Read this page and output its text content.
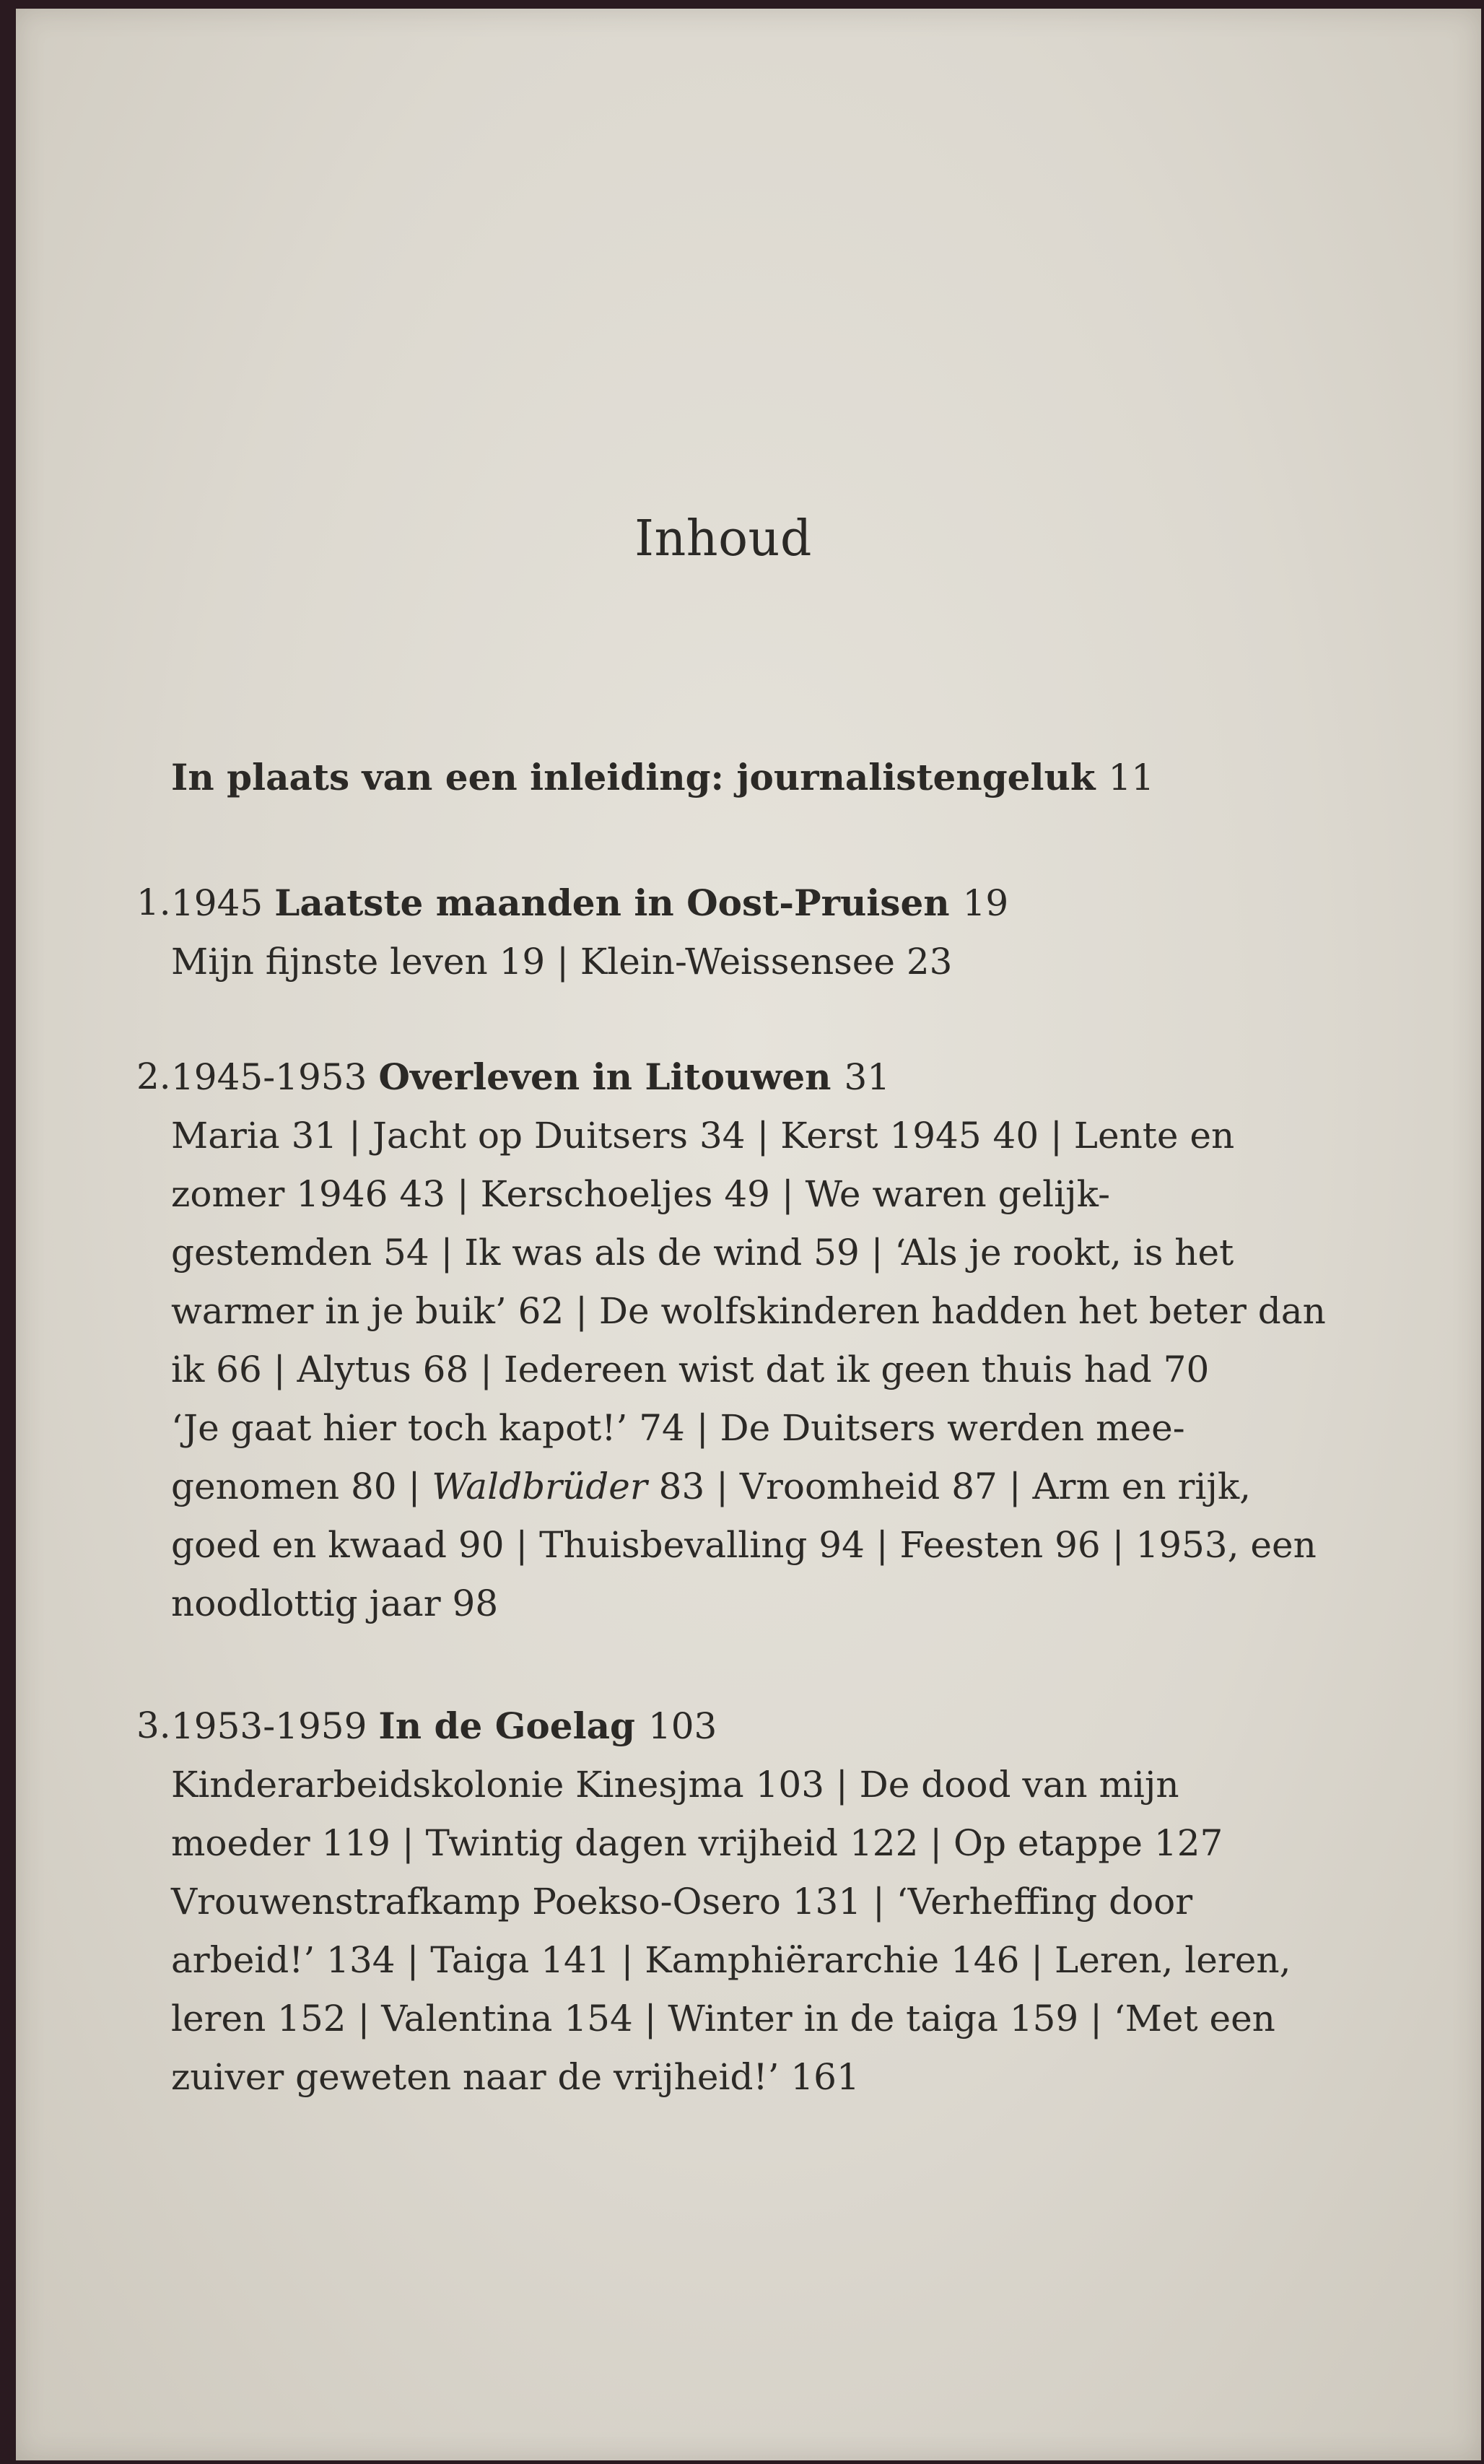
Inhoud
In plaats van een inleiding: journalistengeluk 11
1. 1945 Laatste maanden in Oost-Pruisen 19
Mijn fijnste leven 19 | Klein-Weissensee 23
2. 1945-1953 Overleven in Litouwen 31
Maria 31 | Jacht op Duitsers 34 | Kerst 1945 40 | Lente en
zomer 1946 43 | Kerschoeljes 49 | We waren gelijk-
gestemden 54 | Ik was als de wind 59 | ‘Als je rookt, is het
warmer in je buik’ 62 | De wolfskinderen hadden het beter dan
ik 66 | Alytus 68 | Iedereen wist dat ik geen thuis had 70
‘Je gaat hier toch kapot!’ 74 | De Duitsers werden mee-
genomen 80 | Waldbrüder 83 | Vroomheid 87 | Arm en rijk,
goed en kwaad 90 | Thuisbevalling 94 | Feesten 96 | 1953, een
noodlottig jaar 98
3. 1953-1959 In de Goelag 103
Kinderarbeidskolonie Kinesjma 103 | De dood van mijn
moeder 119 | Twintig dagen vrijheid 122 | Op etappe 127
Vrouwenstrafkamp Poekso-Osero 131 | ‘Verheffing door
arbeid!’ 134 | Taiga 141 | Kamphiërarchie 146 | Leren, leren,
leren 152 | Valentina 154 | Winter in de taiga 159 | ‘Met een
zuiver geweten naar de vrijheid!’ 161
